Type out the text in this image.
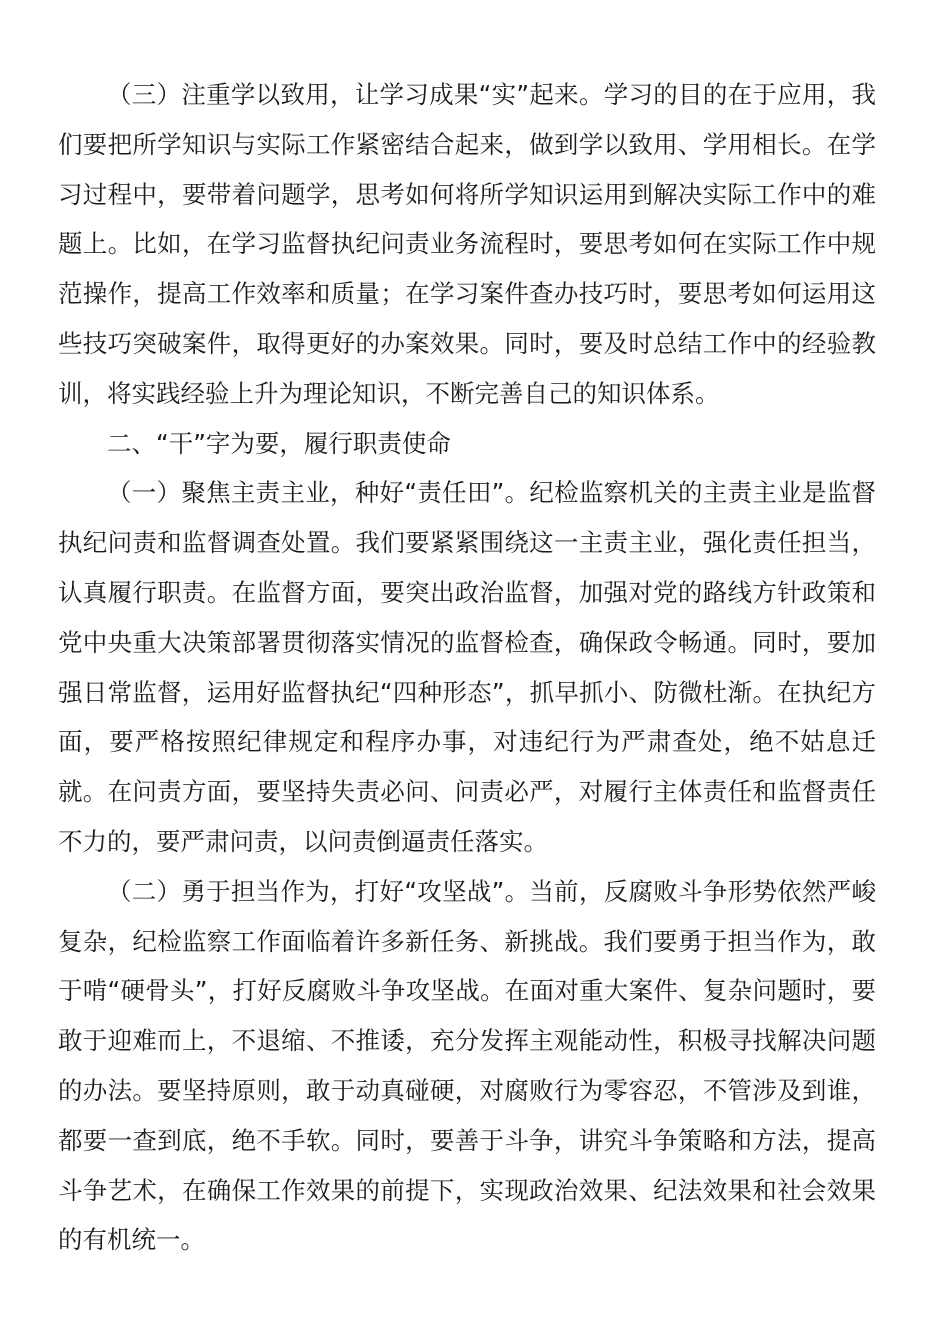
（三）注重学以致用，让学习成果“实”起来。学习的目的在于应用，我们要把所学知识与实际工作紧密结合起来，做到学以致用、学用相长。在学习过程中，要带着问题学，思考如何将所学知识运用到解决实际工作中的难题上。比如，在学习监督执纪问责业务流程时，要思考如何在实际工作中规范操作，提高工作效率和质量；在学习案件查办技巧时，要思考如何运用这些技巧突破案件，取得更好的办案效果。同时，要及时总结工作中的经验教训，将实践经验上升为理论知识，不断完善自己的知识体系。

二、“干”字为要，履行职责使命

（一）聚焦主责主业，种好“责任田”。纪检监察机关的主责主业是监督执纪问责和监督调查处置。我们要紧紧围绕这一主责主业，强化责任担当，认真履行职责。在监督方面，要突出政治监督，加强对党的路线方针政策和党中央重大决策部署贯彻落实情况的监督检查，确保政令畅通。同时，要加强日常监督，运用好监督执纪“四种形态”，抓早抓小、防微杜渐。在执纪方面，要严格按照纪律规定和程序办事，对违纪行为严肃查处，绝不姑息迁就。在问责方面，要坚持失责必问、问责必严，对履行主体责任和监督责任不力的，要严肃问责，以问责倒逼责任落实。

（二）勇于担当作为，打好“攻坚战”。当前，反腐败斗争形势依然严峻复杂，纪检监察工作面临着许多新任务、新挑战。我们要勇于担当作为，敢于啃“硬骨头”，打好反腐败斗争攻坚战。在面对重大案件、复杂问题时，要敢于迎难而上，不退缩、不推诿，充分发挥主观能动性，积极寻找解决问题的办法。要坚持原则，敢于动真碰硬，对腐败行为零容忍，不管涉及到谁，都要一查到底，绝不手软。同时，要善于斗争，讲究斗争策略和方法，提高斗争艺术，在确保工作效果的前提下，实现政治效果、纪法效果和社会效果的有机统一。
